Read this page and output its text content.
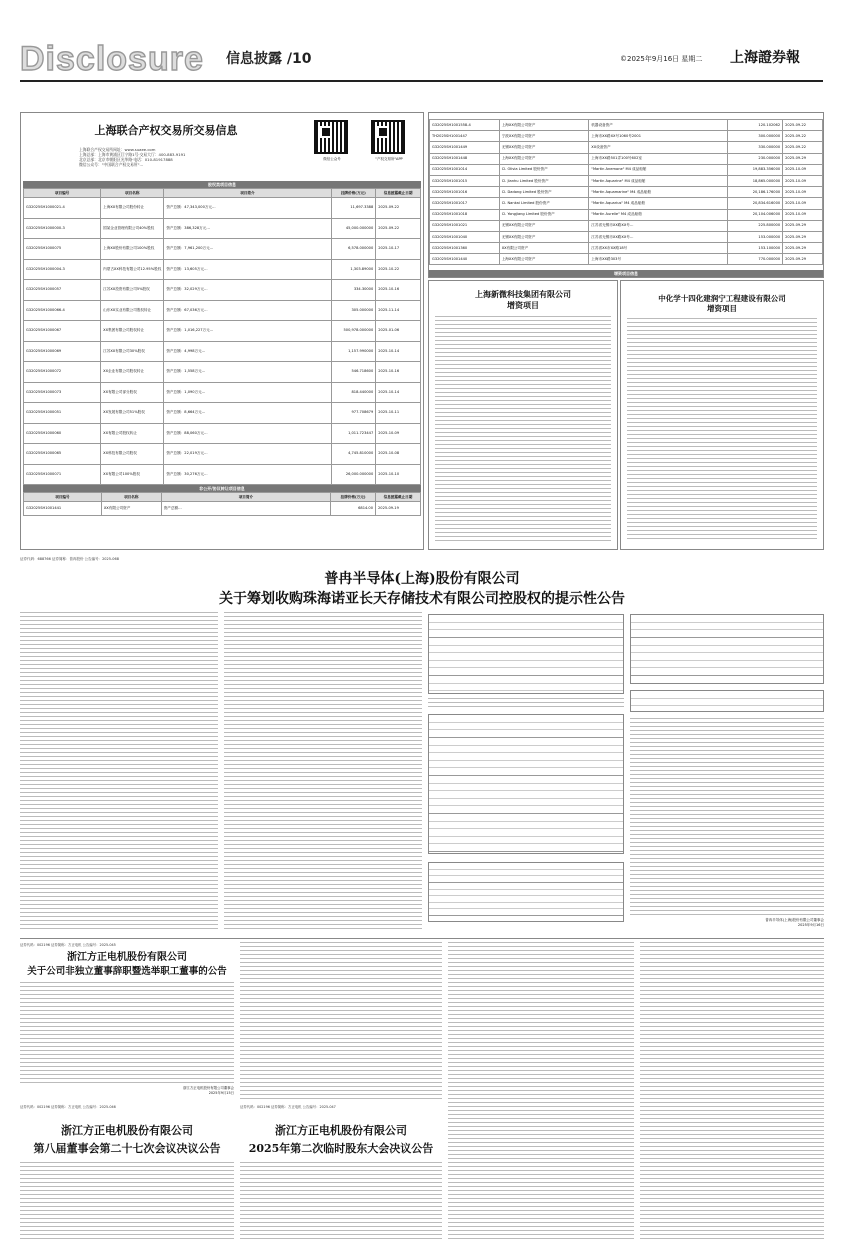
Disclosure 信息披露 /10	©2025年9月16日 星期二 上海證券報
上海联合产权交易所交易信息
上海联合产权交易所网址：www.suaee.com
上海总部：上海市黄浦区江宁路1号·交易大厅：400-883-9191
北京总部：北京市朝阳区光华路·电话：010-81917888
微信公众号："中国联合产权交易所"...
微信公众号	"产权交易所"APP
股权类项目信息
项目编号	项目名称	项目简介	挂牌价格(万元)	信息披露截止日期
G32025SH1000021-4	上海XX有限公司股份转让	资产总额：47,343,000万元…	11,697.3388	2025-09-22
G32025SH1000000-3	国某企业管理有限公司40%股权	资产总额：386,328万元…	45,000.000000	2025-09-22
G32025SH1000075	上海XX股份有限公司100%股权	资产总额：7,961,200万元…	6,578.000000	2025-10-17
G32025SH1000004-3	内蒙古XX科技有限公司12.95%股权	资产总额：13,605万元…	1,303.89000	2025-10-22
G32025SH1000057	江苏XX投资有限公司5%股权	资产总额：32,029万元…	334.30000	2025-10-16
G32025SH1000066-4	山东XX实业有限公司股权转让	资产总额：67,036万元…	305.000000	2025-11-14
G32025SH1000067	XX集团有限公司股权转让	资产总额：1,016,227万元…	500,978.000000	2025-01-06
G32025SH1000069	江苏XX有限公司30%股权	资产总额：4,998万元…	1,157.990000	2025-10-14
G32025SH1000072	XX企业有限公司股权转让	资产总额：1,558万元…	546.718600	2025-10-16
G32025SH1000073	XX有限公司部分股权	资产总额：1,090万元…	818.440000	2025-10-14
G32025SH1000051	XX发展有限公司51%股权	资产总额：8,664万元…	977.708679	2025-10-11
G32025SH1000060	XX有限公司股权转让	资产总额：88,060万元…	1,011.723447	2025-10-09
G32025SH1000065	XX科技有限公司股权	资产总额：22,019万元…	4,745.810000	2025-10-08
G32025SH1000071	XX有限公司100%股权	资产总额：30,276万元…	26,000.000000	2025-10-10
非公开/协议转让项目信息
项目编号	项目名称	项目简介	挂牌价格(万元)	信息披露截止日期
G32025SH1001441	XX有限公司资产	资产总额…	6814.00	2025-09-19
G32025SH1001558-4	上海XX有限公司资产	机器设备资产	120.102062	2025-09-22
TH2025SH1001447	宁波XX有限公司资产	上海市XX路XX号1060号2001	300.000000	2025-09-22
G32025SH1001449	无锡XX有限公司资产	XX设备资产	330.000000	2025-09-22
G32025SH1001448	上海XX有限公司资产	上海市XX路501弄100号602室	230.000000	2025-09-29
G32025SH1001014	Cl. Olivia Limited 股份资产	"Martin Anemone" M4 成品船舶	19,883.356000	2025-10-09
G32025SH1001015	Cl. Jianhu Limited 股份资产	"Martin Aquarine" M4 成品船舶	18,865.000000	2025-10-09
G32025SH1001016	Cl. Dadong Limited 股份资产	"Martin Aquamarine" M4 成品船舶	20,186.176000	2025-10-09
G32025SH1001017	Cl. Nankai Limited 股份资产	"Martin Aquarius" M4 成品船舶	20,834.616000	2025-10-09
G32025SH1001018	Cl. Yongjiang Limited 股份资产	"Martin Aurelie" M4 成品船舶	20,104.006000	2025-10-09
G32025SH1001021	无锡XX有限公司资产	江苏省无锡市XX路XX号…	225.800000	2025-09-29
G32025SH1001040	无锡XX有限公司资产	江苏省无锡市XX路XX号…	153.000000	2025-09-29
G32025SH1001360	XX有限公司资产	江苏省XX市XX路18号	153.100000	2025-09-29
G32025SH1001440	上海XX有限公司资产	上海市XX路303号	770.000000	2025-09-29
增资项目信息
上海新微科技集团有限公司
增资项目
中化学十四化建润宁工程建设有限公司
增资项目
证券代码：688766 证券简称：普冉股份 公告编号：2025-068
普冉半导体(上海)股份有限公司
关于筹划收购珠海诺亚长天存储技术有限公司控股权的提示性公告
普冉半导体(上海)股份有限公司董事会
2025年9月16日
证券代码：002196 证券简称：方正电机 公告编号：2025-045
浙江方正电机股份有限公司
关于公司非独立董事辞职暨选举职工董事的公告
浙江方正电机股份有限公司董事会
2025年9月15日
证券代码：002196 证券简称：方正电机 公告编号：2025-046
浙江方正电机股份有限公司
第八届董事会第二十七次会议决议公告
证券代码：002196 证券简称：方正电机 公告编号：2025-047
浙江方正电机股份有限公司
2025年第二次临时股东大会决议公告
